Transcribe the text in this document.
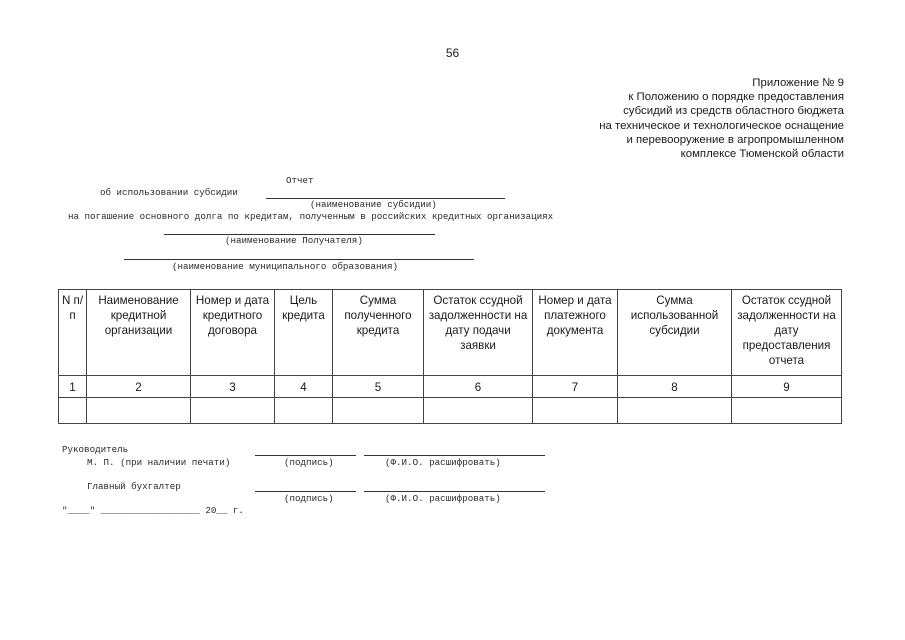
56
Приложение № 9
к Положению о порядке предоставления
субсидий из средств областного бюджета
на техническое и технологическое оснащение
и перевооружение в агропромышленном
комплексе Тюменской области
Отчет
об использовании субсидии
(наименование субсидии)
на погашение основного долга по кредитам, полученным в российских кредитных организациях
(наименование Получателя)
(наименование муниципального образования)
N п/п	Наименование кредитной организации	Номер и дата кредитного договора	Цель кредита	Сумма полученного кредита	Остаток ссудной задолженности на дату подачи заявки	Номер и дата платежного документа	Сумма использованной субсидии	Остаток ссудной задолженности на дату предоставления отчета
1	2	3	4	5	6	7	8	9

Руководитель
М. П. (при наличии печати)	(подпись)	(Ф.И.О. расшифровать)
Главный бухгалтер
(подпись)	(Ф.И.О. расшифровать)
"____" __________________ 20__ г.
